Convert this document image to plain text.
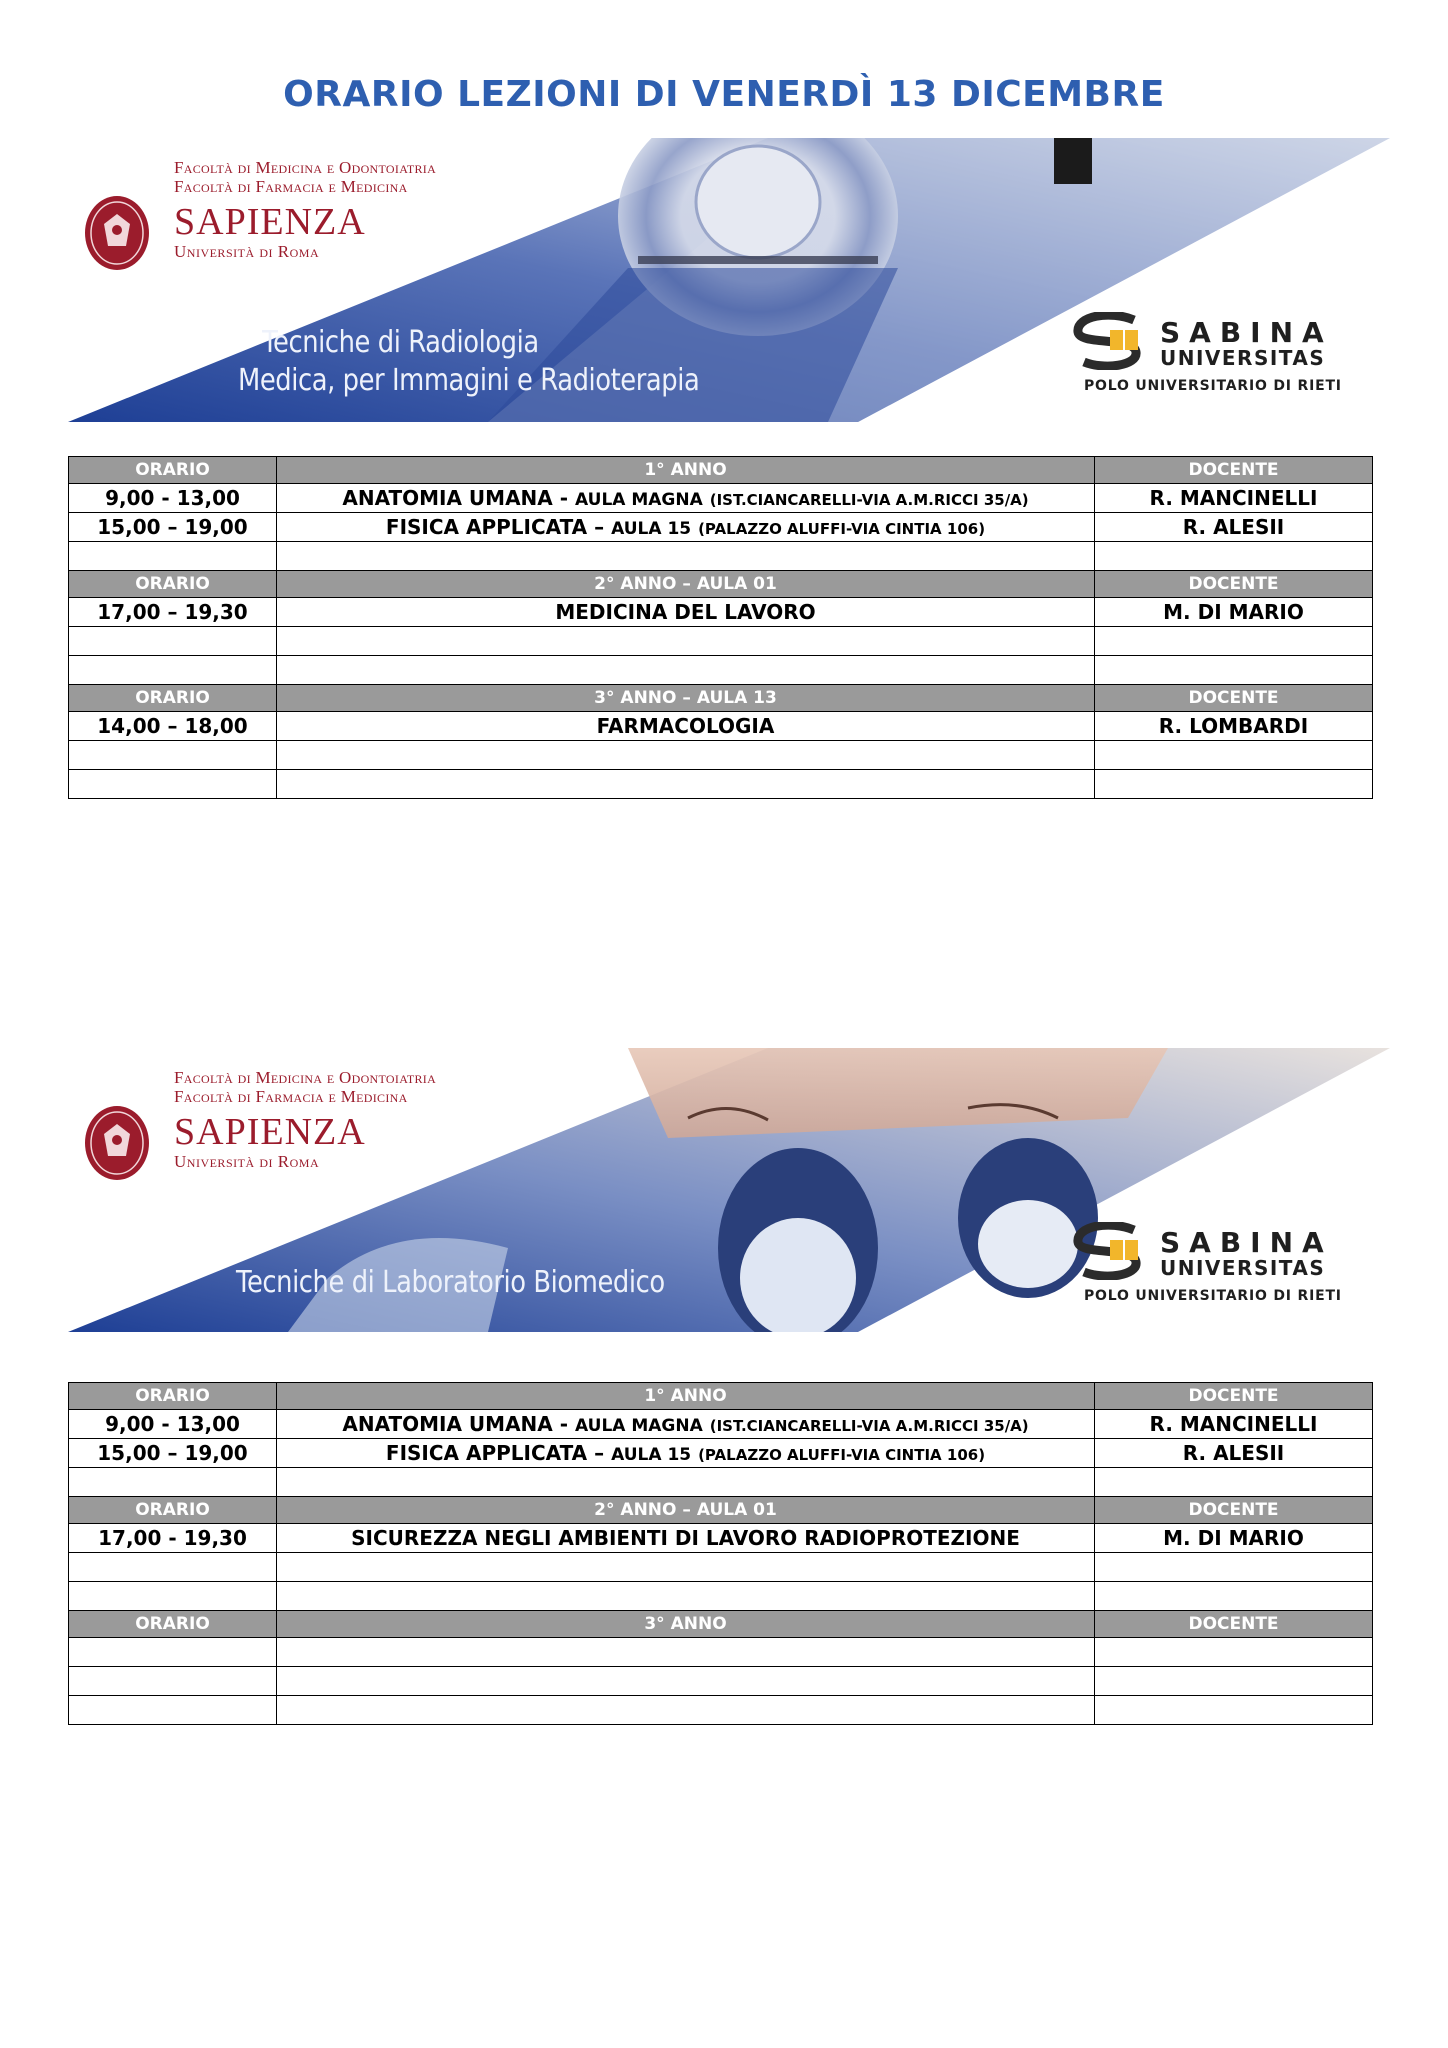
ORARIO LEZIONI DI VENERDÌ 13 DICEMBRE
Facoltà di Medicina e Odontoiatria
Facoltà di Farmacia e Medicina
SAPIENZA
Università di Roma
Tecniche di Radiologia
Medica, per Immagini e Radioterapia
SABINA
UNIVERSITAS
POLO UNIVERSITARIO DI RIETI
ORARIO	1° ANNO	DOCENTE
9,00 - 13,00	ANATOMIA UMANA - AULA MAGNA (IST.CIANCARELLI-VIA A.M.RICCI 35/A)	R. MANCINELLI
15,00 – 19,00	FISICA APPLICATA – AULA 15 (PALAZZO ALUFFI-VIA CINTIA 106)	R. ALESII

ORARIO	2° ANNO – AULA 01	DOCENTE
17,00 – 19,30	MEDICINA DEL LAVORO	M. DI MARIO

ORARIO	3° ANNO – AULA 13	DOCENTE
14,00 – 18,00	FARMACOLOGIA	R. LOMBARDI

Facoltà di Medicina e Odontoiatria
Facoltà di Farmacia e Medicina
SAPIENZA
Università di Roma
Tecniche di Laboratorio Biomedico
SABINA
UNIVERSITAS
POLO UNIVERSITARIO DI RIETI
ORARIO	1° ANNO	DOCENTE
9,00 - 13,00	ANATOMIA UMANA - AULA MAGNA (IST.CIANCARELLI-VIA A.M.RICCI 35/A)	R. MANCINELLI
15,00 – 19,00	FISICA APPLICATA – AULA 15 (PALAZZO ALUFFI-VIA CINTIA 106)	R. ALESII

ORARIO	2° ANNO – AULA 01	DOCENTE
17,00 - 19,30	SICUREZZA NEGLI AMBIENTI DI LAVORO RADIOPROTEZIONE	M. DI MARIO

ORARIO	3° ANNO	DOCENTE
